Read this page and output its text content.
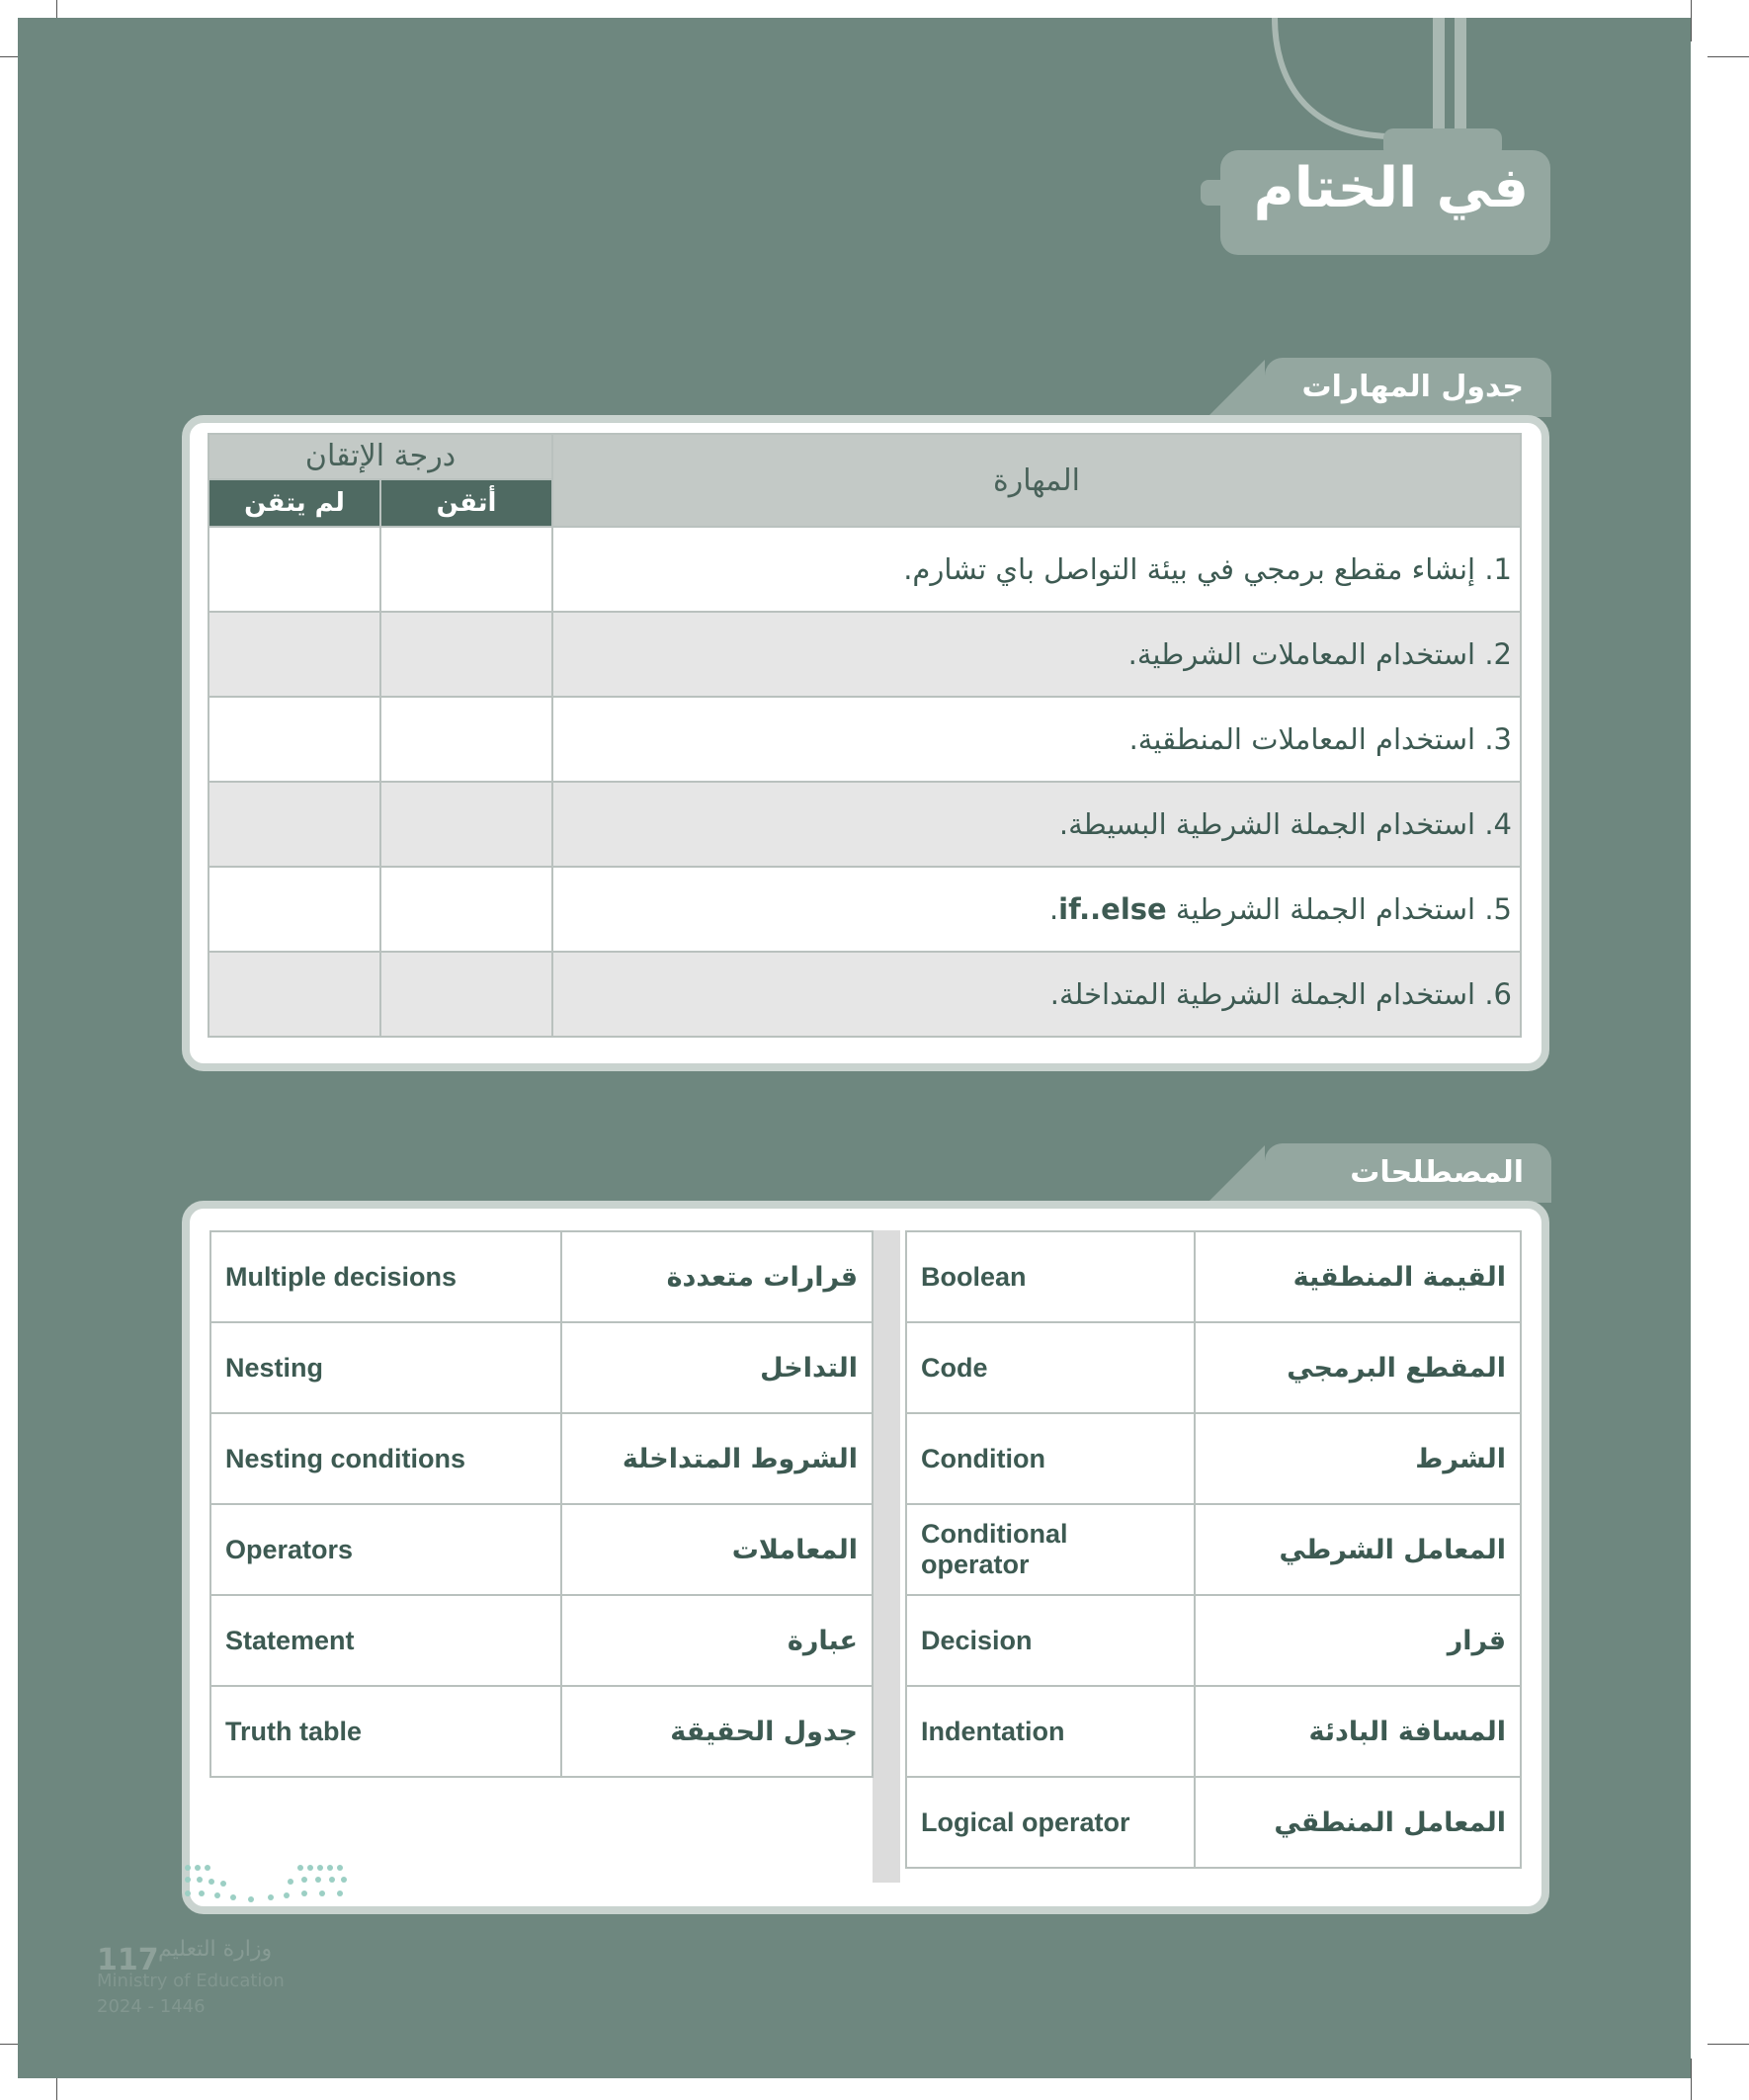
في الختام
جدول المهارات
درجة الإتقان		المهارة
لم يتقن	أتقن	
		1. إنشاء مقطع برمجي في بيئة التواصل باي تشارم.
		2. استخدام المعاملات الشرطية.
		3. استخدام المعاملات المنطقية.
		4. استخدام الجملة الشرطية البسيطة.
		5. استخدام الجملة الشرطية if..else.
		6. استخدام الجملة الشرطية المتداخلة.
المصطلحات
Multiple decisions	قرارات متعددة
Nesting	التداخل
Nesting conditions	الشروط المتداخلة
Operators	المعاملات
Statement	عبارة
Truth table	جدول الحقيقة
Boolean	القيمة المنطقية
Code	المقطع البرمجي
Condition	الشرط
Conditional operator	المعامل الشرطي
Decision	قرار
Indentation	المسافة البادئة
Logical operator	المعامل المنطقي
117 وزارة التعليم
Ministry of Education
2024 - 1446
